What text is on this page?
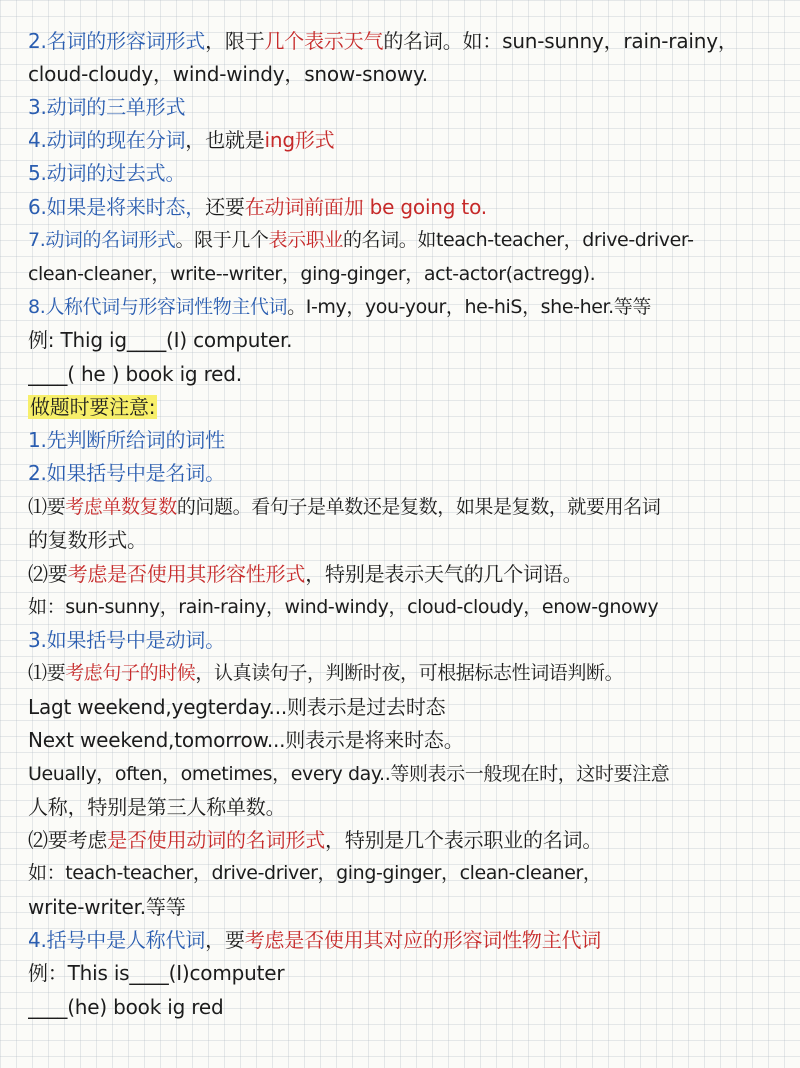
2.名词的形容词形式，限于几个表示天气的名词。如：sun-sunny，rain-rainy，
cloud-cloudy，wind-windy，snow-snowy.
3.动词的三单形式
4.动词的现在分词，也就是ing形式
5.动词的过去式。
6.如果是将来时态，还要在动词前面加 be going to.
7.动词的名词形式。限于几个表示职业的名词。如teach-teacher，drive-driver-
clean-cleaner，write--writer，ging-ginger，act-actor(actregg).
8.人称代词与形容词性物主代词。I-my，you-your，he-hiS，she-her.等等
例: Thig ig____(I) computer.
____( he ) book ig red.
做题时要注意:
1.先判断所给词的词性
2.如果括号中是名词。
⑴要考虑单数复数的问题。看句子是单数还是复数，如果是复数，就要用名词
的复数形式。
⑵要考虑是否使用其形容性形式，特别是表示天气的几个词语。
如：sun-sunny，rain-rainy，wind-windy，cloud-cloudy，enow-gnowy
3.如果括号中是动词。
⑴要考虑句子的时候，认真读句子，判断时夜，可根据标志性词语判断。
Lagt weekend,yegterday...则表示是过去时态
Next weekend,tomorrow...则表示是将来时态。
Ueually，often，ometimes，every day..等则表示一般现在时，这时要注意
人称，特别是第三人称单数。
⑵要考虑是否使用动词的名词形式，特别是几个表示职业的名词。
如：teach-teacher，drive-driver，ging-ginger，clean-cleaner，
write-writer.等等
4.括号中是人称代词，要考虑是否使用其对应的形容词性物主代词
例：This is____(I)computer
____(he) book ig red
